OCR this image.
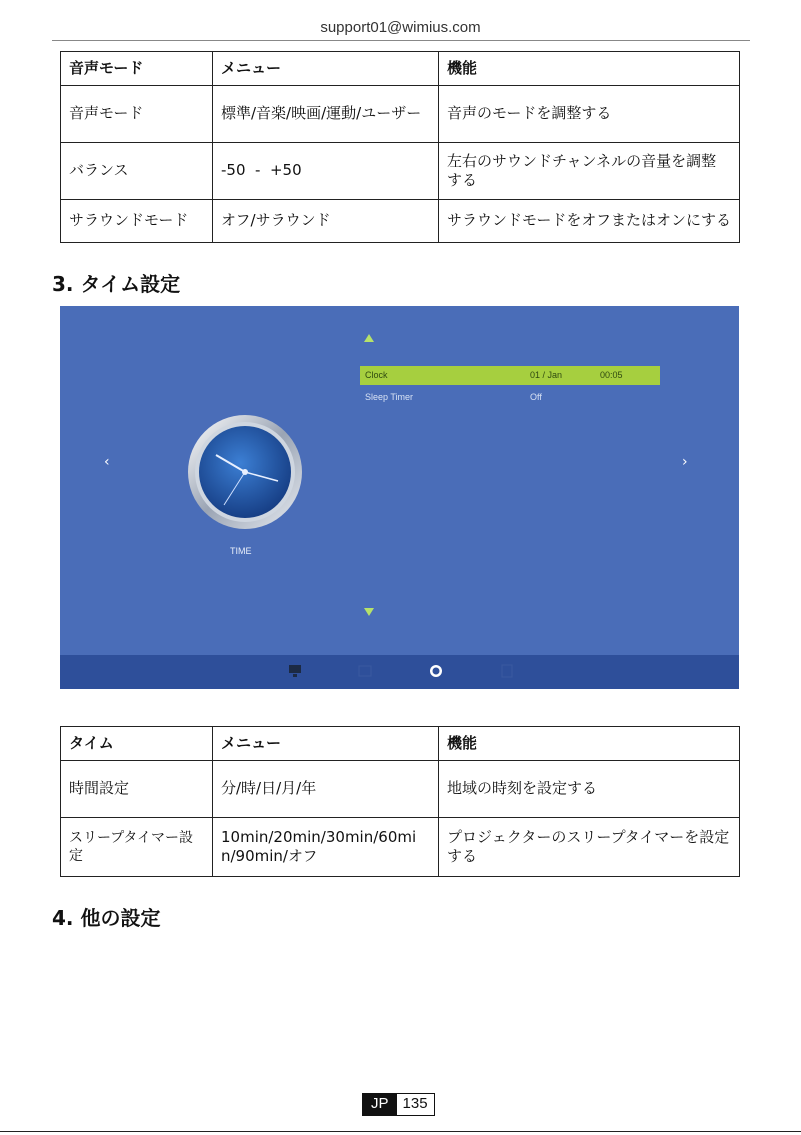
support01@wimius.com
音声モード	メニュー	機能
音声モード	標準/音楽/映画/運動/ユーザー	音声のモードを調整する
バランス	-50  -  +50	左右のサウンドチャンネルの音量を調整する
サラウンドモード	オフ/サラウンド	サラウンドモードをオフまたはオンにする
3. タイム設定
Clock	01 / Jan	00:05
Sleep Timer	Off
‹	›
TIME
タイム	メニュー	機能
時間設定	分/時/日/月/年	地域の時刻を設定する
スリープタイマー設定	10min/20min/30min/60min/90min/オフ	プロジェクターのスリープタイマーを設定する
4. 他の設定
JP 135
